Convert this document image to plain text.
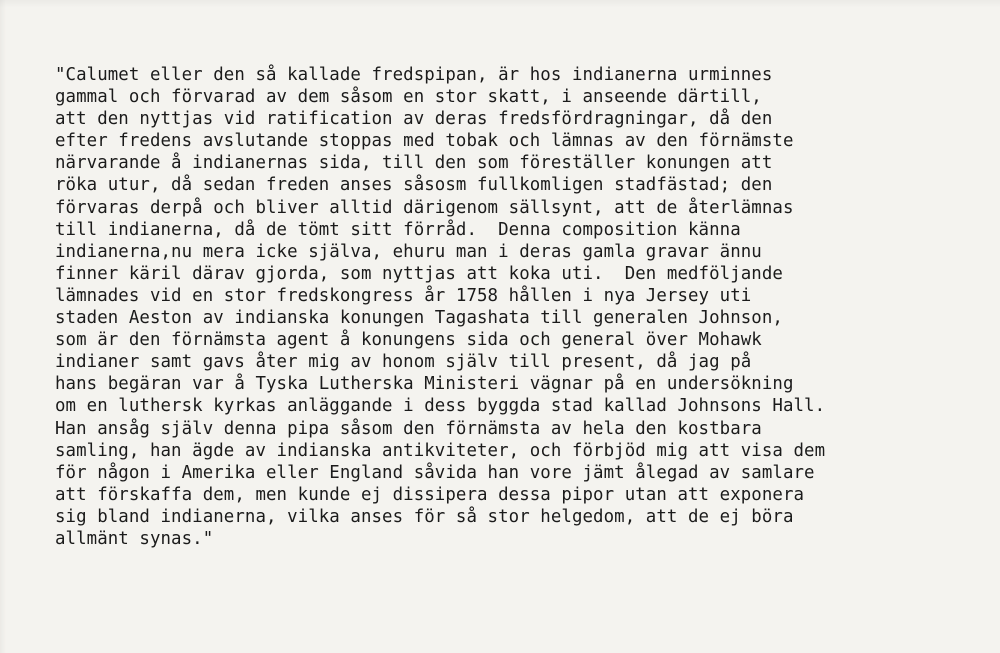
"Calumet eller den så kallade fredspipan, är hos indianerna urminnes
gammal och förvarad av dem såsom en stor skatt, i anseende därtill,
att den nyttjas vid ratification av deras fredsfördragningar, då den
efter fredens avslutande stoppas med tobak och lämnas av den förnämste
närvarande å indianernas sida, till den som föreställer konungen att
röka utur, då sedan freden anses såsosm fullkomligen stadfästad; den
förvaras derpå och bliver alltid därigenom sällsynt, att de återlämnas
till indianerna, då de tömt sitt förråd.  Denna composition känna
indianerna,nu mera icke själva, ehuru man i deras gamla gravar ännu
finner käril därav gjorda, som nyttjas att koka uti.  Den medföljande
lämnades vid en stor fredskongress år 1758 hållen i nya Jersey uti
staden Aeston av indianska konungen Tagashata till generalen Johnson,
som är den förnämsta agent å konungens sida och general över Mohawk
indianer samt gavs åter mig av honom själv till present, då jag på
hans begäran var å Tyska Lutherska Ministeri vägnar på en undersökning
om en luthersk kyrkas anläggande i dess byggda stad kallad Johnsons Hall.
Han ansåg själv denna pipa såsom den förnämsta av hela den kostbara
samling, han ägde av indianska antikviteter, och förbjöd mig att visa dem
för någon i Amerika eller England såvida han vore jämt ålegad av samlare
att förskaffa dem, men kunde ej dissipera dessa pipor utan att exponera
sig bland indianerna, vilka anses för så stor helgedom, att de ej böra
allmänt synas."
